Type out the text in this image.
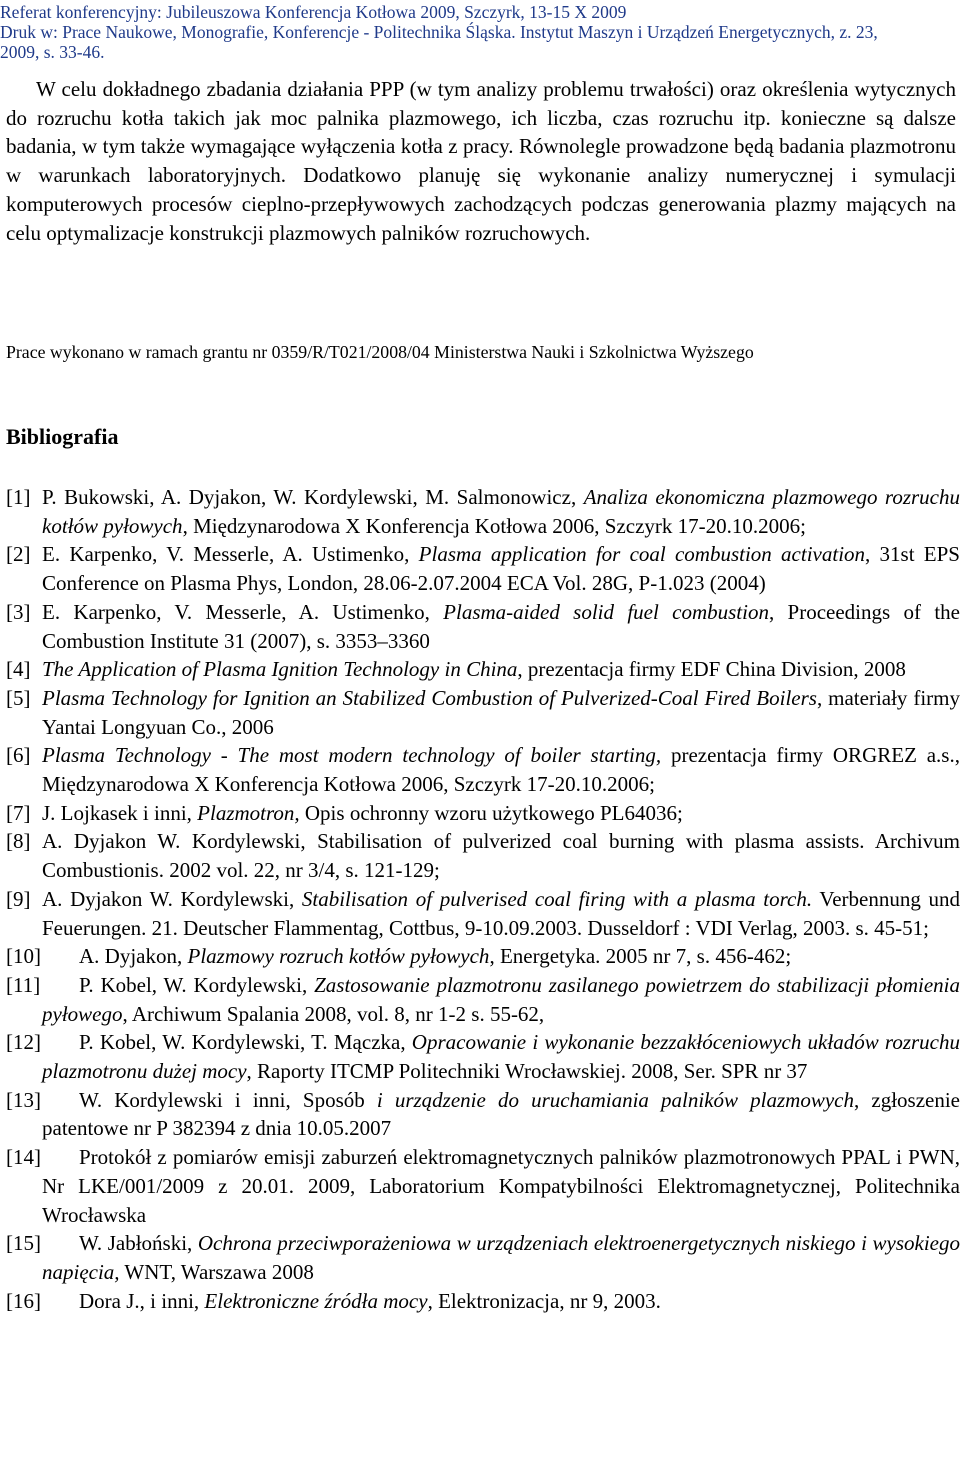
Referat konferencyjny: Jubileuszowa Konferencja Kotłowa 2009, Szczyrk, 13-15 X 2009
Druk w: Prace Naukowe, Monografie, Konferencje - Politechnika Śląska. Instytut Maszyn i Urządzeń Energetycznych, z. 23,
2009, s. 33-46.

W celu dokładnego zbadania działania PPP (w tym analizy problemu trwałości) oraz określenia wytycznych do rozruchu kotła takich jak moc palnika plazmowego, ich liczba, czas rozruchu itp. konieczne są dalsze badania, w tym także wymagające wyłączenia kotła z pracy. Równolegle prowadzone będą badania plazmotronu w warunkach laboratoryjnych. Dodatkowo planuję się wykonanie analizy numerycznej i symulacji komputerowych procesów cieplno-przepływowych zachodzących podczas generowania plazmy mających na celu optymalizacje konstrukcji plazmowych palników rozruchowych.

Prace wykonano w ramach grantu nr 0359/R/T021/2008/04 Ministerstwa Nauki i Szkolnictwa Wyższego
Bibliografia
[1] P. Bukowski, A. Dyjakon, W. Kordylewski, M. Salmonowicz, Analiza ekonomiczna plazmowego rozruchu kotłów pyłowych, Międzynarodowa X Konferencja Kotłowa 2006, Szczyrk 17-20.10.2006;
[2] E. Karpenko, V. Messerle, A. Ustimenko, Plasma application for coal combustion activation, 31st EPS Conference on Plasma Phys, London, 28.06-2.07.2004 ECA Vol. 28G, P-1.023 (2004)
[3] E. Karpenko, V. Messerle, A. Ustimenko, Plasma-aided solid fuel combustion, Proceedings of the Combustion Institute 31 (2007), s. 3353–3360
[4] The Application of Plasma Ignition Technology in China, prezentacja firmy EDF China Division, 2008
[5] Plasma Technology for Ignition an Stabilized Combustion of Pulverized-Coal Fired Boilers, materiały firmy Yantai Longyuan Co., 2006
[6] Plasma Technology - The most modern technology of boiler starting, prezentacja firmy ORGREZ a.s., Międzynarodowa X Konferencja Kotłowa 2006, Szczyrk 17-20.10.2006;
[7] J. Lojkasek i inni, Plazmotron, Opis ochronny wzoru użytkowego PL64036;
[8] A. Dyjakon W. Kordylewski, Stabilisation of pulverized coal burning with plasma assists. Archivum Combustionis. 2002 vol. 22, nr 3/4, s. 121-129;
[9] A. Dyjakon W. Kordylewski, Stabilisation of pulverised coal firing with a plasma torch. Verbennung und Feuerungen. 21. Deutscher Flammentag, Cottbus, 9-10.09.2003. Dusseldorf : VDI Verlag, 2003. s. 45-51;
[10]	A. Dyjakon, Plazmowy rozruch kotłów pyłowych, Energetyka. 2005 nr 7, s. 456-462;
[11]	P. Kobel, W. Kordylewski, Zastosowanie plazmotronu zasilanego powietrzem do stabilizacji płomienia pyłowego, Archiwum Spalania 2008, vol. 8, nr 1-2 s. 55-62,
[12]	P. Kobel, W. Kordylewski, T. Mączka, Opracowanie i wykonanie bezzakłóceniowych układów rozruchu plazmotronu dużej mocy, Raporty ITCMP Politechniki Wrocławskiej. 2008, Ser. SPR nr 37
[13]	W. Kordylewski i inni, Sposób i urządzenie do uruchamiania palników plazmowych, zgłoszenie patentowe nr P 382394 z dnia 10.05.2007
[14]	Protokół z pomiarów emisji zaburzeń elektromagnetycznych palników plazmotronowych PPAL i PWN, Nr LKE/001/2009 z 20.01. 2009, Laboratorium Kompatybilności Elektromagnetycznej, Politechnika Wrocławska
[15]	W. Jabłoński, Ochrona przeciwporażeniowa w urządzeniach elektroenergetycznych niskiego i wysokiego napięcia, WNT, Warszawa 2008
[16]	Dora J., i inni, Elektroniczne źródła mocy, Elektronizacja, nr 9, 2003.
